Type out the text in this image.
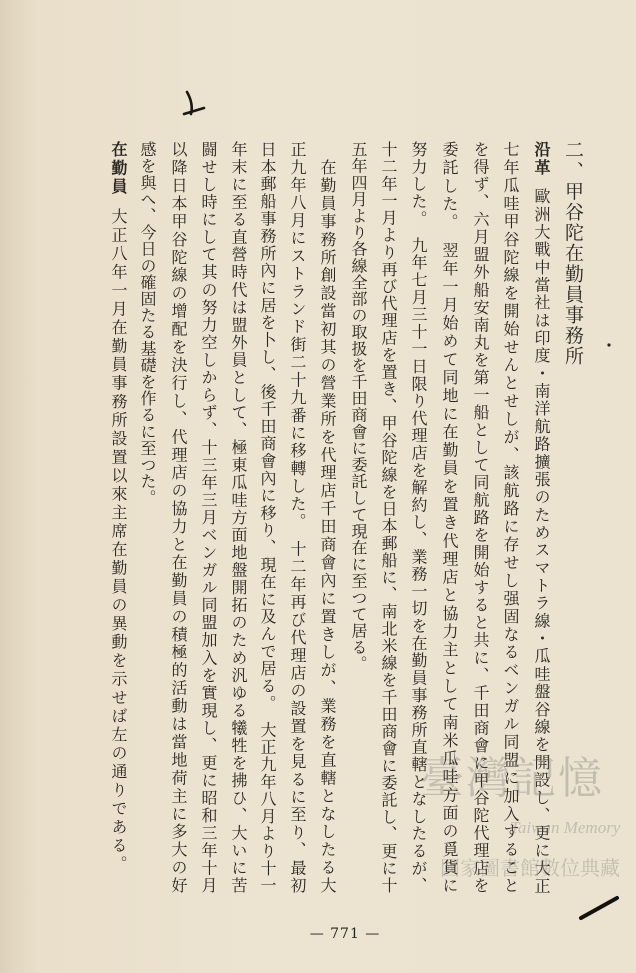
二、甲谷陀在勤員事務所
沿革歐洲大戰中當社は印度・南洋航路擴張のためスマトラ線・瓜哇盤谷線を開設し、更に大正
七年瓜哇甲谷陀線を開始せんとせしが、該航路に存せし强固なるベンガル同盟に加入すること
を得ず、六月盟外船安南丸を第一船として同航路を開始すると共に、千田商會に甲谷陀代理店を
委託した。　翌年一月始めて同地に在勤員を置き代理店と協力主として南米瓜哇方面の覓貨に
努力した。　九年七月三十一日限り代理店を解約し、業務一切を在勤員事務所直轄となしたるが、
十二年一月より再び代理店を置き、甲谷陀線を日本郵船に、南北米線を千田商會に委託し、更に十
五年四月より各線全部の取扱を千田商會に委託して現在に至つて居る。
　在勤員事務所創設當初其の營業所を代理店千田商會內に置きしが、業務を直轄となしたる大
正九年八月にストランド街二十九番に移轉した。　十二年再び代理店の設置を見るに至り、最初
日本郵船事務所內に居を卜し、後千田商會內に移り、現在に及んで居る。　大正九年八月より十一
年末に至る直營時代は盟外員として、極東瓜哇方面地盤開拓のため汎ゆる犧牲を拂ひ、大いに苦
闘せし時にして其の努力空しからず、十三年三月ベンガル同盟加入を實現し、更に昭和三年十月
以降日本甲谷陀線の增配を決行し、代理店の協力と在勤員の積極的活動は當地荷主に多大の好
感を與へ、今日の確固たる基礎を作るに至つた。
在勤員大正八年一月在勤員事務所設置以來主席在勤員の異動を示せば左の通りである。
— 771 —
臺灣記憶
Taiwan Memory
國家圖書館數位典藏
